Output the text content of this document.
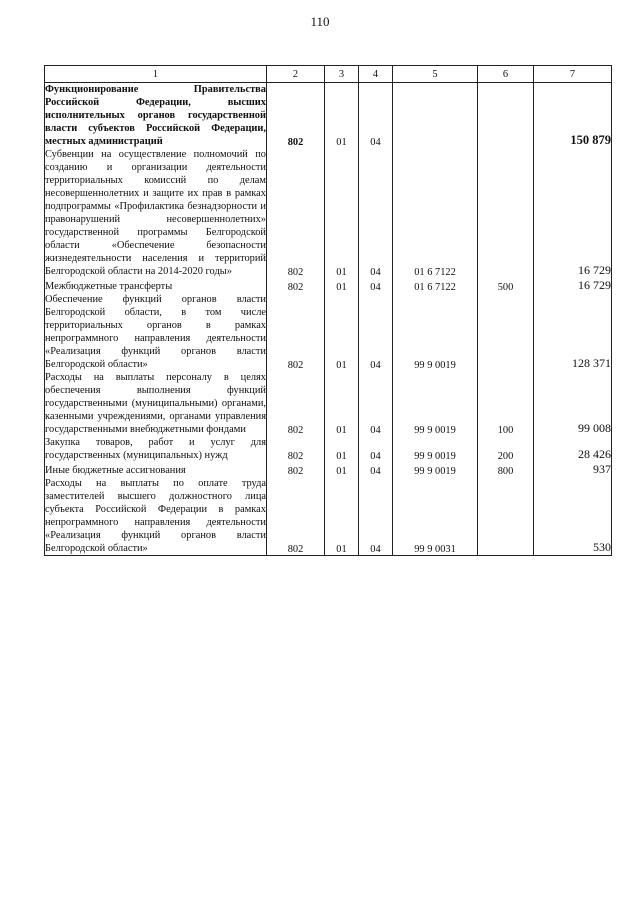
110
1	2	3	4	5	6	7
Функционирование Правительства Российской Федерации, высших исполнительных органов государственной власти субъектов Российской Федерации, местных администраций	802	01	04			150 879
Субвенции на осуществление полномочий по созданию и организации деятельности территориальных комиссий по делам несовершеннолетних и защите их прав в рамках подпрограммы «Профилактика безнадзорности и правонарушений несовершеннолетних» государственной программы Белгородской области «Обеспечение безопасности жизнедеятельности населения и территорий Белгородской области на 2014-2020 годы»	802	01	04	01 6 7122		16 729
Межбюджетные трансферты	802	01	04	01 6 7122	500	16 729
Обеспечение функций органов власти Белгородской области, в том числе территориальных органов в рамках непрограммного направления деятельности «Реализация функций органов власти Белгородской области»	802	01	04	99 9 0019		128 371
Расходы на выплаты персоналу в целях обеспечения выполнения функций государственными (муниципальными) органами, казенными учреждениями, органами управления государственными внебюджетными фондами	802	01	04	99 9 0019	100	99 008
Закупка товаров, работ и услуг для государственных (муниципальных) нужд	802	01	04	99 9 0019	200	28 426
Иные бюджетные ассигнования	802	01	04	99 9 0019	800	937
Расходы на выплаты по оплате труда заместителей высшего должностного лица субъекта Российской Федерации в рамках непрограммного направления деятельности «Реализация функций органов власти Белгородской области»	802	01	04	99 9 0031		530
